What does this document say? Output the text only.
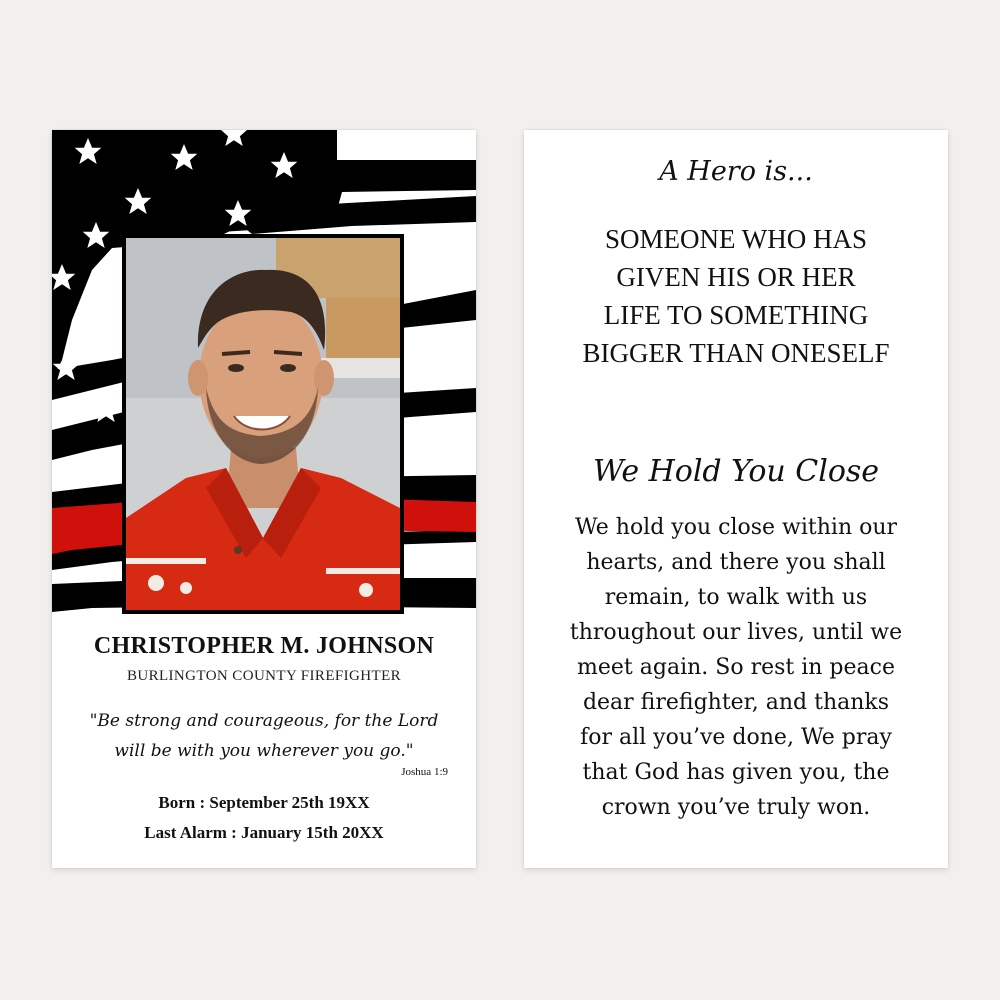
CHRISTOPHER M. JOHNSON
BURLINGTON COUNTY FIREFIGHTER
"Be strong and courageous, for the Lord
will be with you wherever you go."
Joshua 1:9
Born : September 25th 19XX
Last Alarm : January 15th 20XX
A Hero is...
SOMEONE WHO HAS
GIVEN HIS OR HER
LIFE TO SOMETHING
BIGGER THAN ONESELF
We Hold You Close
We hold you close within our
hearts, and there you shall
remain, to walk with us
throughout our lives, until we
meet again. So rest in peace
dear firefighter, and thanks
for all you’ve done, We pray
that God has given you, the
crown you’ve truly won.
